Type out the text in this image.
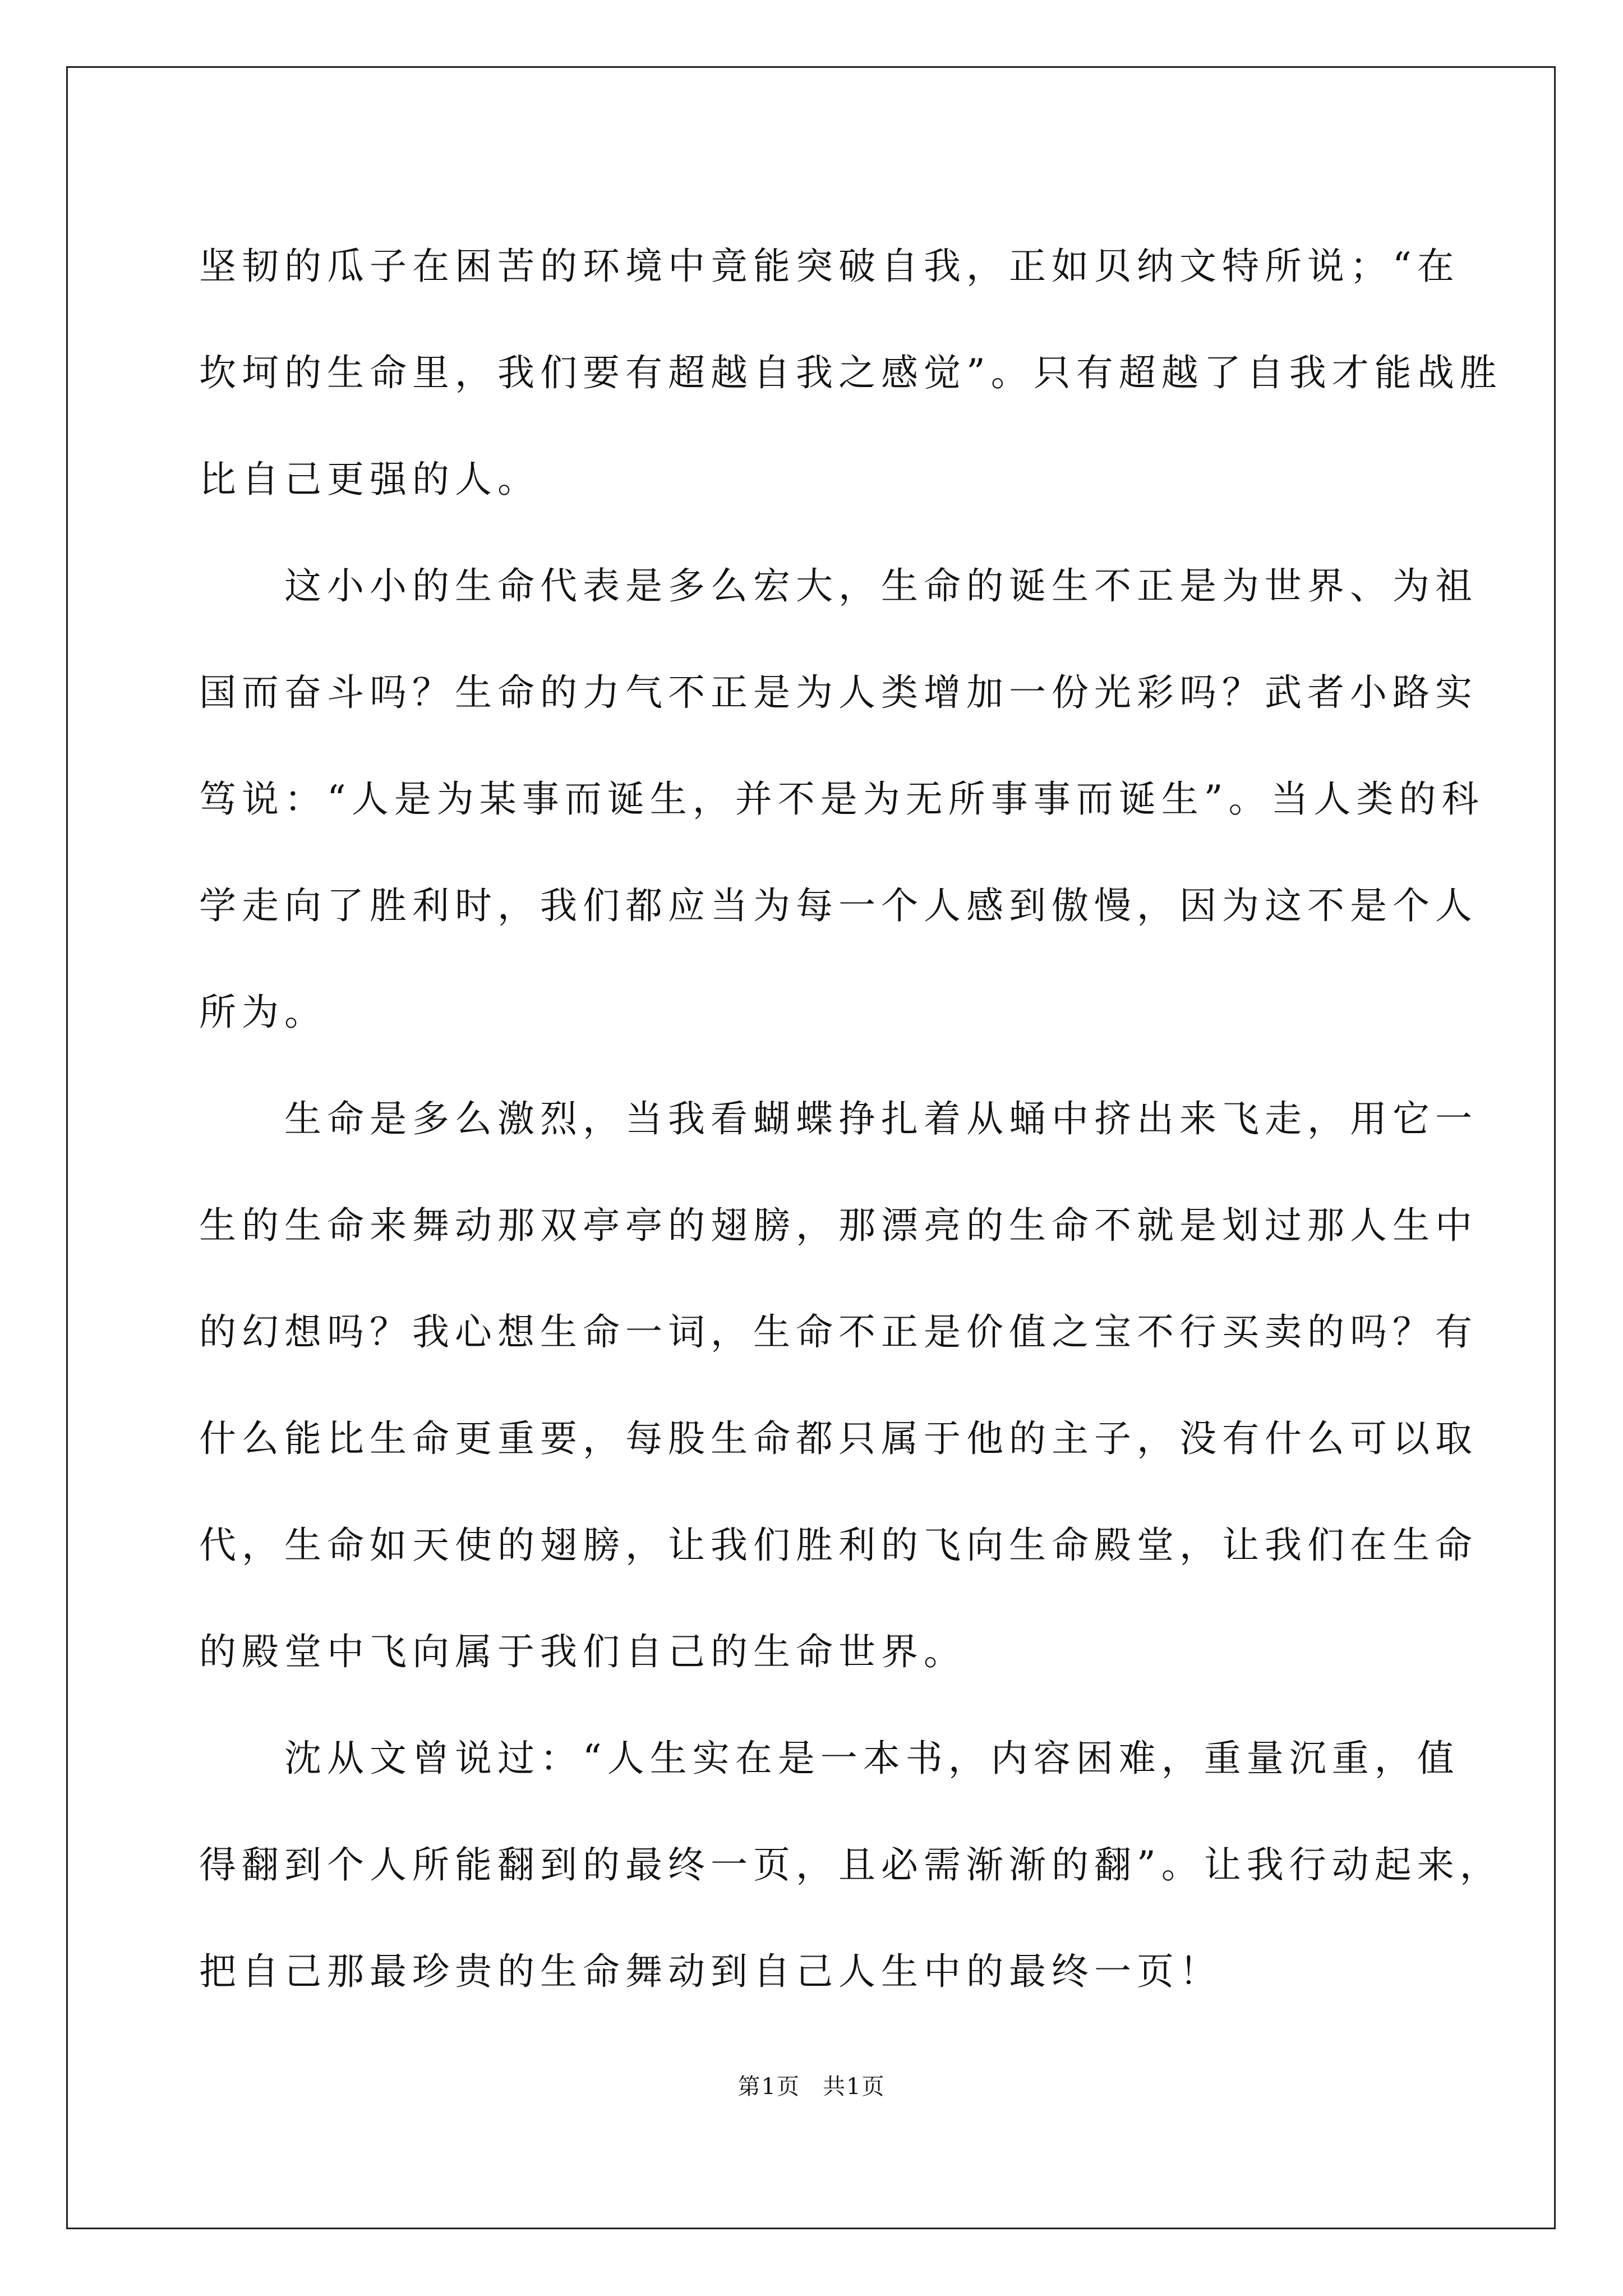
坚韧的瓜子在困苦的环境中竟能突破自我，正如贝纳文特所说；“在
坎坷的生命里，我们要有超越自我之感觉”。只有超越了自我才能战胜
比自己更强的人。
这小小的生命代表是多么宏大，生命的诞生不正是为世界、为祖
国而奋斗吗？生命的力气不正是为人类增加一份光彩吗？武者小路实
笃说：“人是为某事而诞生，并不是为无所事事而诞生”。当人类的科
学走向了胜利时，我们都应当为每一个人感到傲慢，因为这不是个人
所为。
生命是多么激烈，当我看蝴蝶挣扎着从蛹中挤出来飞走，用它一
生的生命来舞动那双亭亭的翅膀，那漂亮的生命不就是划过那人生中
的幻想吗？我心想生命一词，生命不正是价值之宝不行买卖的吗？有
什么能比生命更重要，每股生命都只属于他的主子，没有什么可以取
代，生命如天使的翅膀，让我们胜利的飞向生命殿堂，让我们在生命
的殿堂中飞向属于我们自己的生命世界。
沈从文曾说过：“人生实在是一本书，内容困难，重量沉重，值
得翻到个人所能翻到的最终一页，且必需渐渐的翻”。让我行动起来，
把自己那最珍贵的生命舞动到自己人生中的最终一页！
第1页 共1页
